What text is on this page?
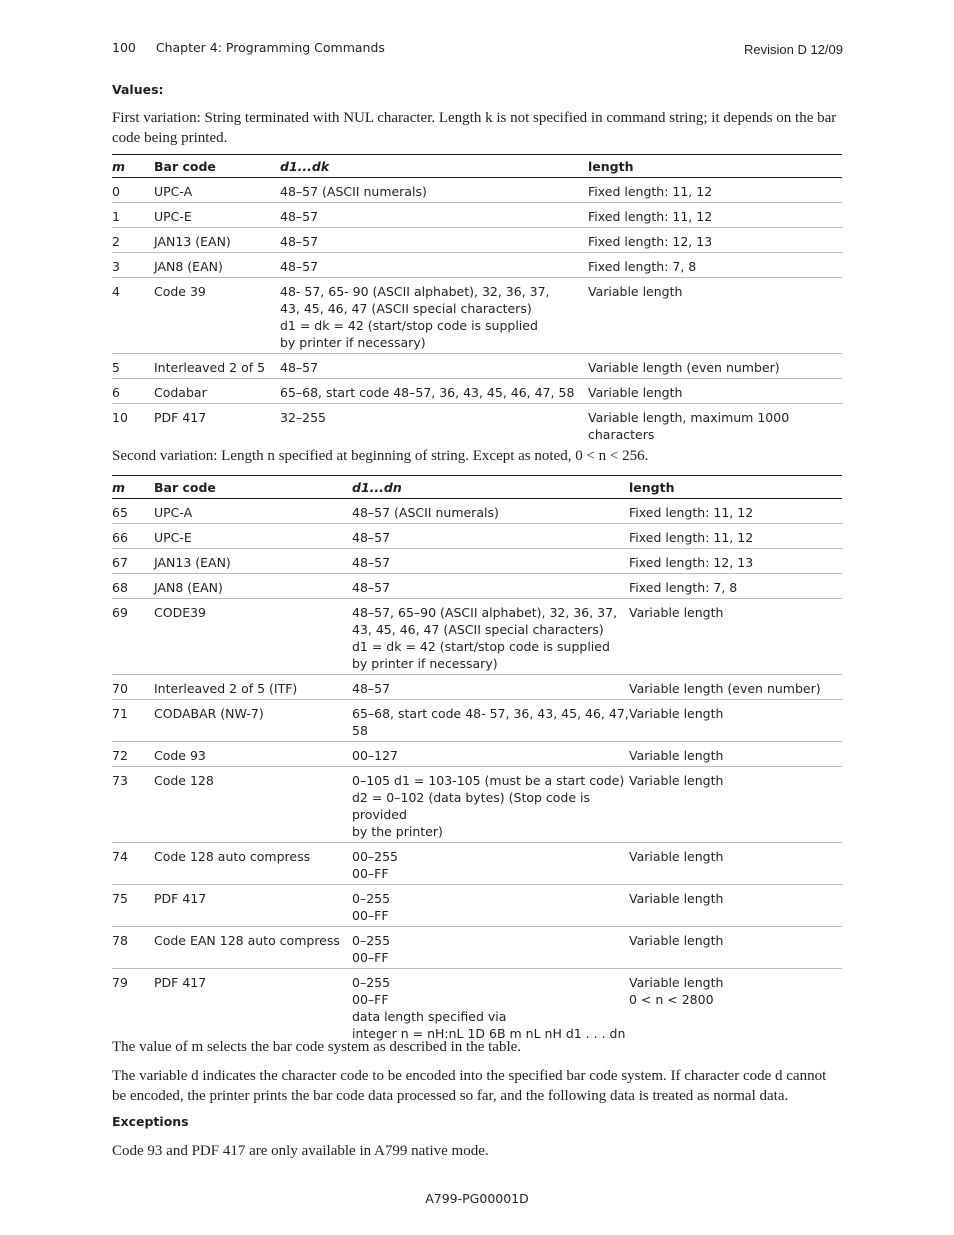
100 Chapter 4: Programming Commands	Revision D 12/09
Values:
First variation: String terminated with NUL character. Length k is not specified in command string; it depends on the bar code being printed.
m	Bar code	d1...dk	length
0	UPC-A	48–57 (ASCII numerals)	Fixed length: 11, 12
1	UPC-E	48–57	Fixed length: 11, 12
2	JAN13 (EAN)	48–57	Fixed length: 12, 13
3	JAN8 (EAN)	48–57	Fixed length: 7, 8
4	Code 39	48- 57, 65- 90 (ASCII alphabet), 32, 36, 37,
43, 45, 46, 47 (ASCII special characters)
d1 = dk = 42 (start/stop code is supplied
by printer if necessary)	Variable length
5	Interleaved 2 of 5	48–57	Variable length (even number)
6	Codabar	65–68, start code 48–57, 36, 43, 45, 46, 47, 58	Variable length
10	PDF 417	32–255	Variable length, maximum 1000 characters
Second variation: Length n specified at beginning of string. Except as noted, 0 < n < 256.
m	Bar code	d1...dn	length
65	UPC-A	48–57 (ASCII numerals)	Fixed length: 11, 12
66	UPC-E	48–57	Fixed length: 11, 12
67	JAN13 (EAN)	48–57	Fixed length: 12, 13
68	JAN8 (EAN)	48–57	Fixed length: 7, 8
69	CODE39	48–57, 65–90 (ASCII alphabet), 32, 36, 37,
43, 45, 46, 47 (ASCII special characters)
d1 = dk = 42 (start/stop code is supplied
by printer if necessary)	Variable length
70	Interleaved 2 of 5 (ITF)	48–57	Variable length (even number)
71	CODABAR (NW-7)	65–68, start code 48- 57, 36, 43, 45, 46, 47, 58	Variable length
72	Code 93	00–127	Variable length
73	Code 128	0–105 d1 = 103-105 (must be a start code)
d2 = 0–102 (data bytes) (Stop code is provided
by the printer)	Variable length
74	Code 128 auto compress	00–255
00–FF	Variable length
75	PDF 417	0–255
00–FF	Variable length
78	Code EAN 128 auto compress	0–255
00–FF	Variable length
79	PDF 417	0–255
00–FF
data length specified via
integer n = nH:nL 1D 6B m nL nH d1 . . . dn	Variable length
0 < n < 2800
The value of m selects the bar code system as described in the table.
The variable d indicates the character code to be encoded into the specified bar code system. If character code d cannot be encoded, the printer prints the bar code data processed so far, and the following data is treated as normal data.
Exceptions
Code 93 and PDF 417 are only available in A799 native mode.
A799-PG00001D
